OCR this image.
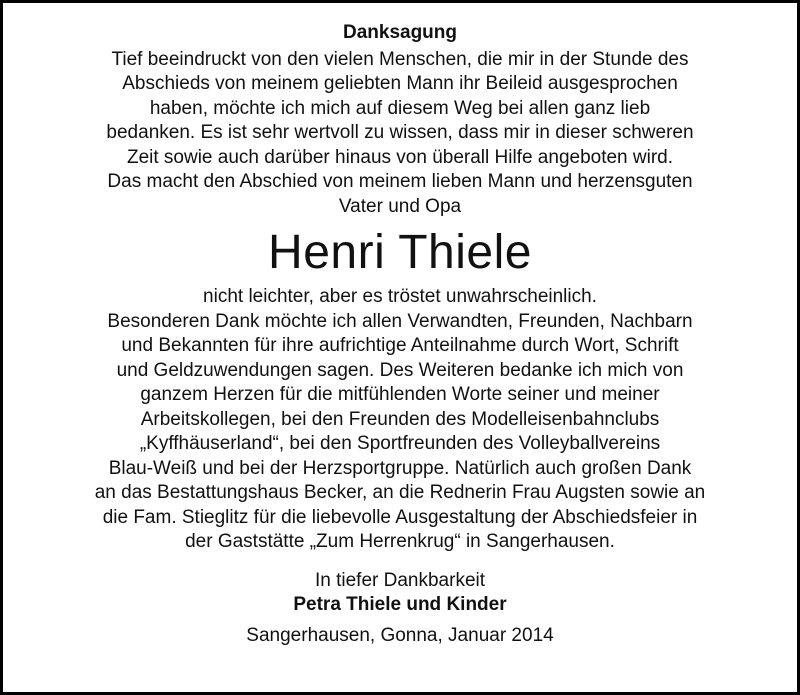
Danksagung
Tief beeindruckt von den vielen Menschen, die mir in der Stunde des
Abschieds von meinem geliebten Mann ihr Beileid ausgesprochen
haben, möchte ich mich auf diesem Weg bei allen ganz lieb
bedanken. Es ist sehr wertvoll zu wissen, dass mir in dieser schweren
Zeit sowie auch darüber hinaus von überall Hilfe angeboten wird.
Das macht den Abschied von meinem lieben Mann und herzensguten
Vater und Opa
Henri Thiele
nicht leichter, aber es tröstet unwahrscheinlich.
Besonderen Dank möchte ich allen Verwandten, Freunden, Nachbarn
und Bekannten für ihre aufrichtige Anteilnahme durch Wort, Schrift
und Geldzuwendungen sagen. Des Weiteren bedanke ich mich von
ganzem Herzen für die mitfühlenden Worte seiner und meiner
Arbeitskollegen, bei den Freunden des Modelleisenbahnclubs
„Kyffhäuserland“, bei den Sportfreunden des Volleyballvereins
Blau-Weiß und bei der Herzsportgruppe. Natürlich auch großen Dank
an das Bestattungshaus Becker, an die Rednerin Frau Augsten sowie an
die Fam. Stieglitz für die liebevolle Ausgestaltung der Abschiedsfeier in
der Gaststätte „Zum Herrenkrug“ in Sangerhausen.
In tiefer Dankbarkeit
Petra Thiele und Kinder
Sangerhausen, Gonna, Januar 2014
